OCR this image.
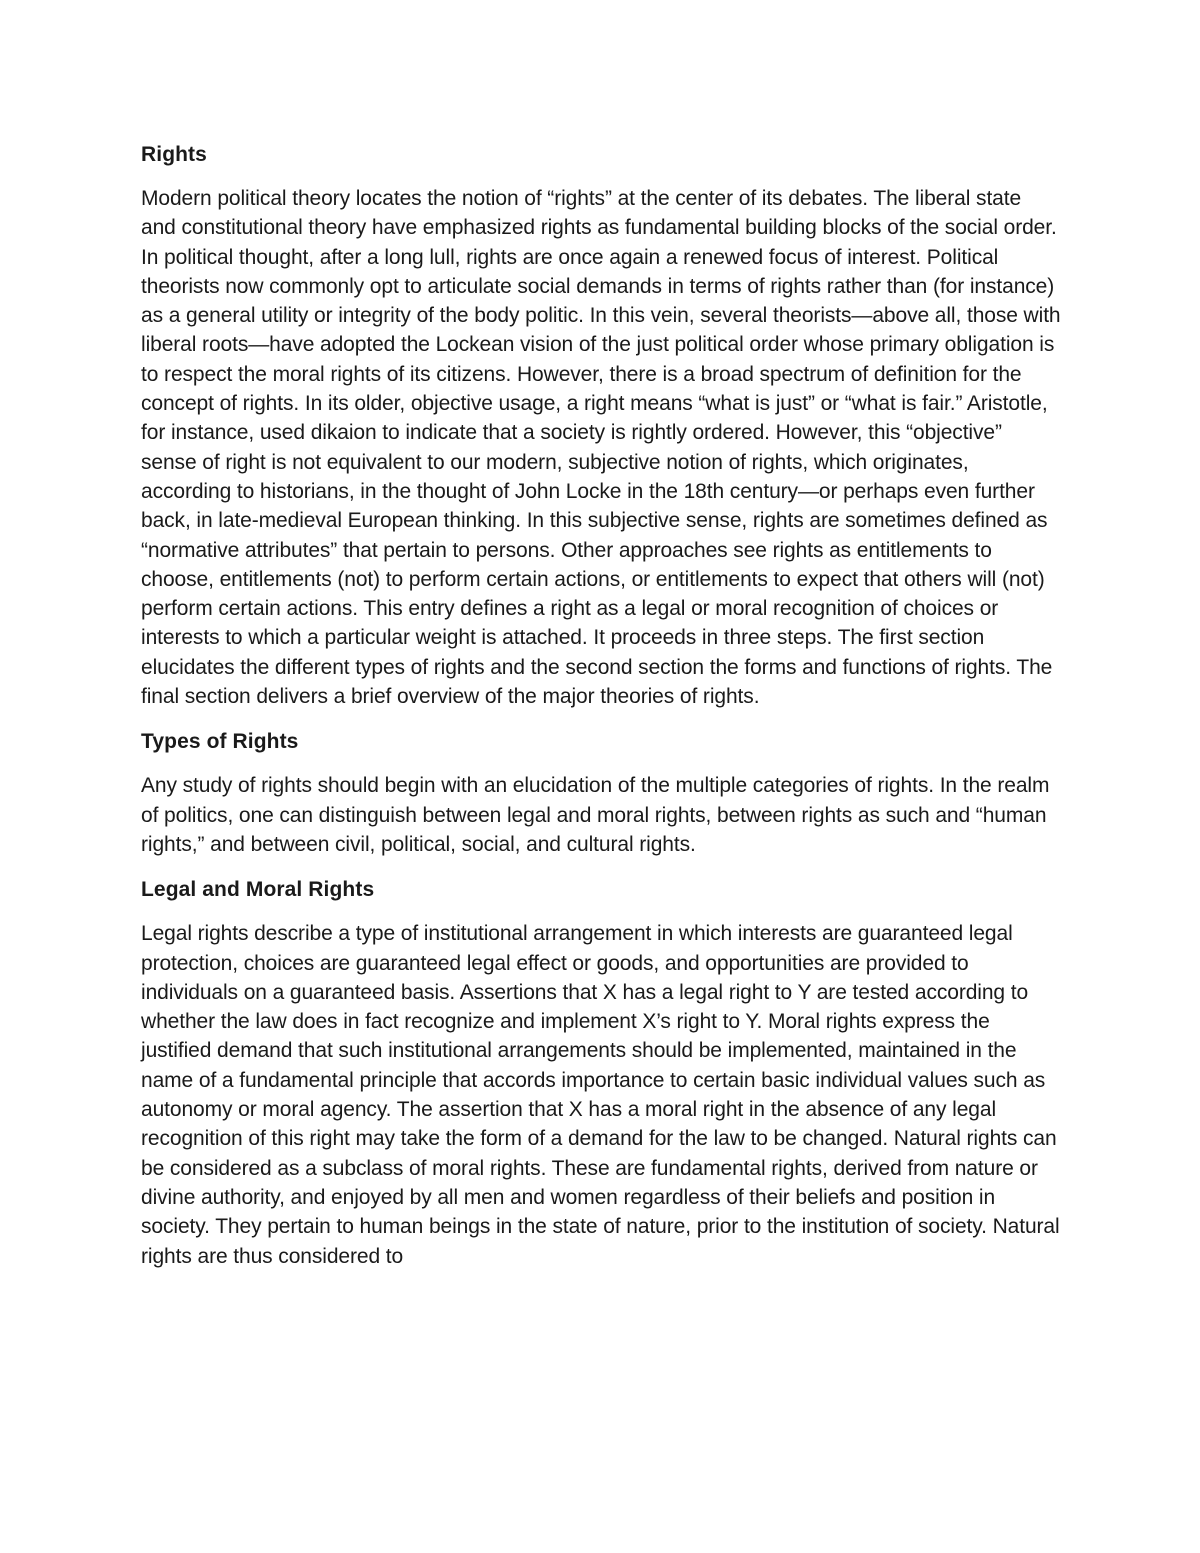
Rights

Modern political theory locates the notion of “rights” at the center of its debates. The liberal state and constitutional theory have emphasized rights as fundamental building blocks of the social order. In political thought, after a long lull, rights are once again a renewed focus of interest. Political theorists now commonly opt to articulate social demands in terms of rights rather than (for instance) as a general utility or integrity of the body politic. In this vein, several theorists—above all, those with liberal roots—have adopted the Lockean vision of the just political order whose primary obligation is to respect the moral rights of its citizens. However, there is a broad spectrum of definition for the concept of rights. In its older, objective usage, a right means “what is just” or “what is fair.” Aristotle, for instance, used dikaion to indicate that a society is rightly ordered. However, this “objective” sense of right is not equivalent to our modern, subjective notion of rights, which originates, according to historians, in the thought of John Locke in the 18th century—or perhaps even further back, in late-medieval European thinking. In this subjective sense, rights are sometimes defined as “normative attributes” that pertain to persons. Other approaches see rights as entitlements to choose, entitlements (not) to perform certain actions, or entitlements to expect that others will (not) perform certain actions. This entry defines a right as a legal or moral recognition of choices or interests to which a particular weight is attached. It proceeds in three steps. The first section elucidates the different types of rights and the second section the forms and functions of rights. The final section delivers a brief overview of the major theories of rights.

Types of Rights

Any study of rights should begin with an elucidation of the multiple categories of rights. In the realm of politics, one can distinguish between legal and moral rights, between rights as such and “human rights,” and between civil, political, social, and cultural rights.

Legal and Moral Rights

Legal rights describe a type of institutional arrangement in which interests are guaranteed legal protection, choices are guaranteed legal effect or goods, and opportunities are provided to individuals on a guaranteed basis. Assertions that X has a legal right to Y are tested according to whether the law does in fact recognize and implement X’s right to Y. Moral rights express the justified demand that such institutional arrangements should be implemented, maintained in the name of a fundamental principle that accords importance to certain basic individual values such as autonomy or moral agency. The assertion that X has a moral right in the absence of any legal recognition of this right may take the form of a demand for the law to be changed. Natural rights can be considered as a subclass of moral rights. These are fundamental rights, derived from nature or divine authority, and enjoyed by all men and women regardless of their beliefs and position in society. They pertain to human beings in the state of nature, prior to the institution of society. Natural rights are thus considered to
